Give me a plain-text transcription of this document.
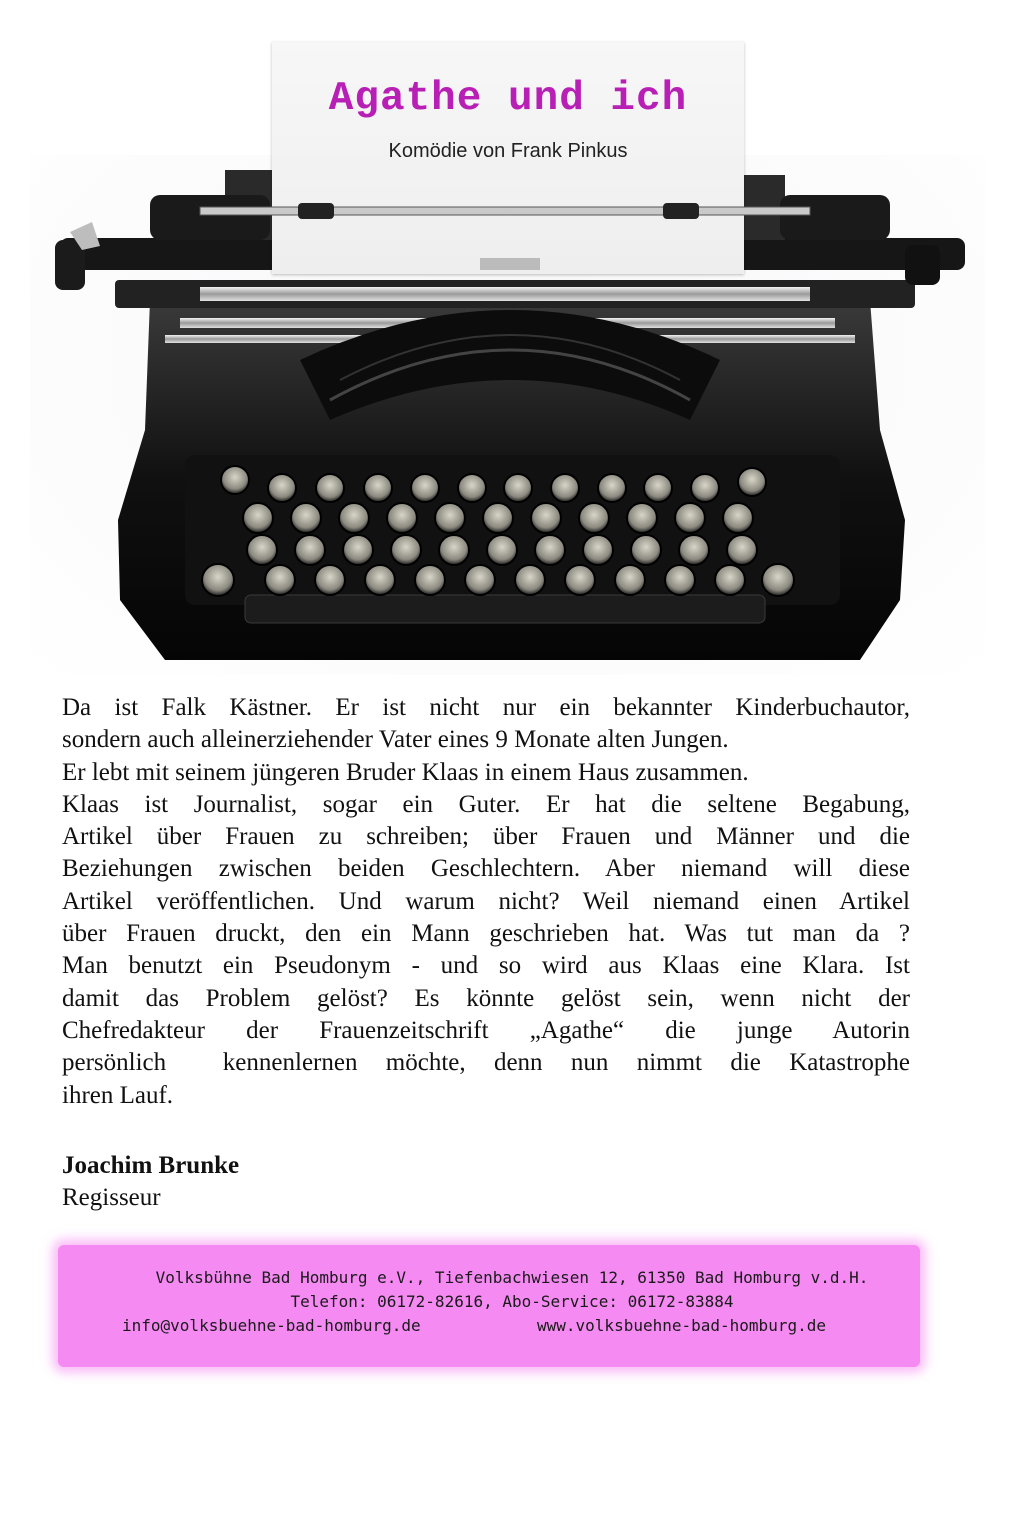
Agathe und ich
Komödie von Frank Pinkus
Da ist Falk Kästner. Er ist nicht nur ein bekannter Kinderbuchautor,
sondern auch alleinerziehender Vater eines 9 Monate alten Jungen.
Er lebt mit seinem jüngeren Bruder Klaas in einem Haus zusammen.
Klaas ist Journalist, sogar ein Guter. Er hat die seltene Begabung,
Artikel über Frauen zu schreiben; über Frauen und Männer und die
Beziehungen zwischen beiden Geschlechtern. Aber niemand will diese
Artikel veröffentlichen. Und warum nicht? Weil niemand einen Artikel
über Frauen druckt, den ein Mann geschrieben hat. Was tut man da ?
Man benutzt ein Pseudonym - und so wird aus Klaas eine Klara. Ist
damit das Problem gelöst? Es könnte gelöst sein, wenn nicht der
Chefredakteur der Frauenzeitschrift „Agathe“ die junge Autorin
persönlich  kennenlernen möchte, denn nun nimmt die Katastrophe
ihren Lauf.
Joachim Brunke
Regisseur
Volksbühne Bad Homburg e.V., Tiefenbachwiesen 12, 61350 Bad Homburg v.d.H.
Telefon: 06172-82616, Abo-Service: 06172-83884
info@volksbuehne-bad-homburg.de	www.volksbuehne-bad-homburg.de
